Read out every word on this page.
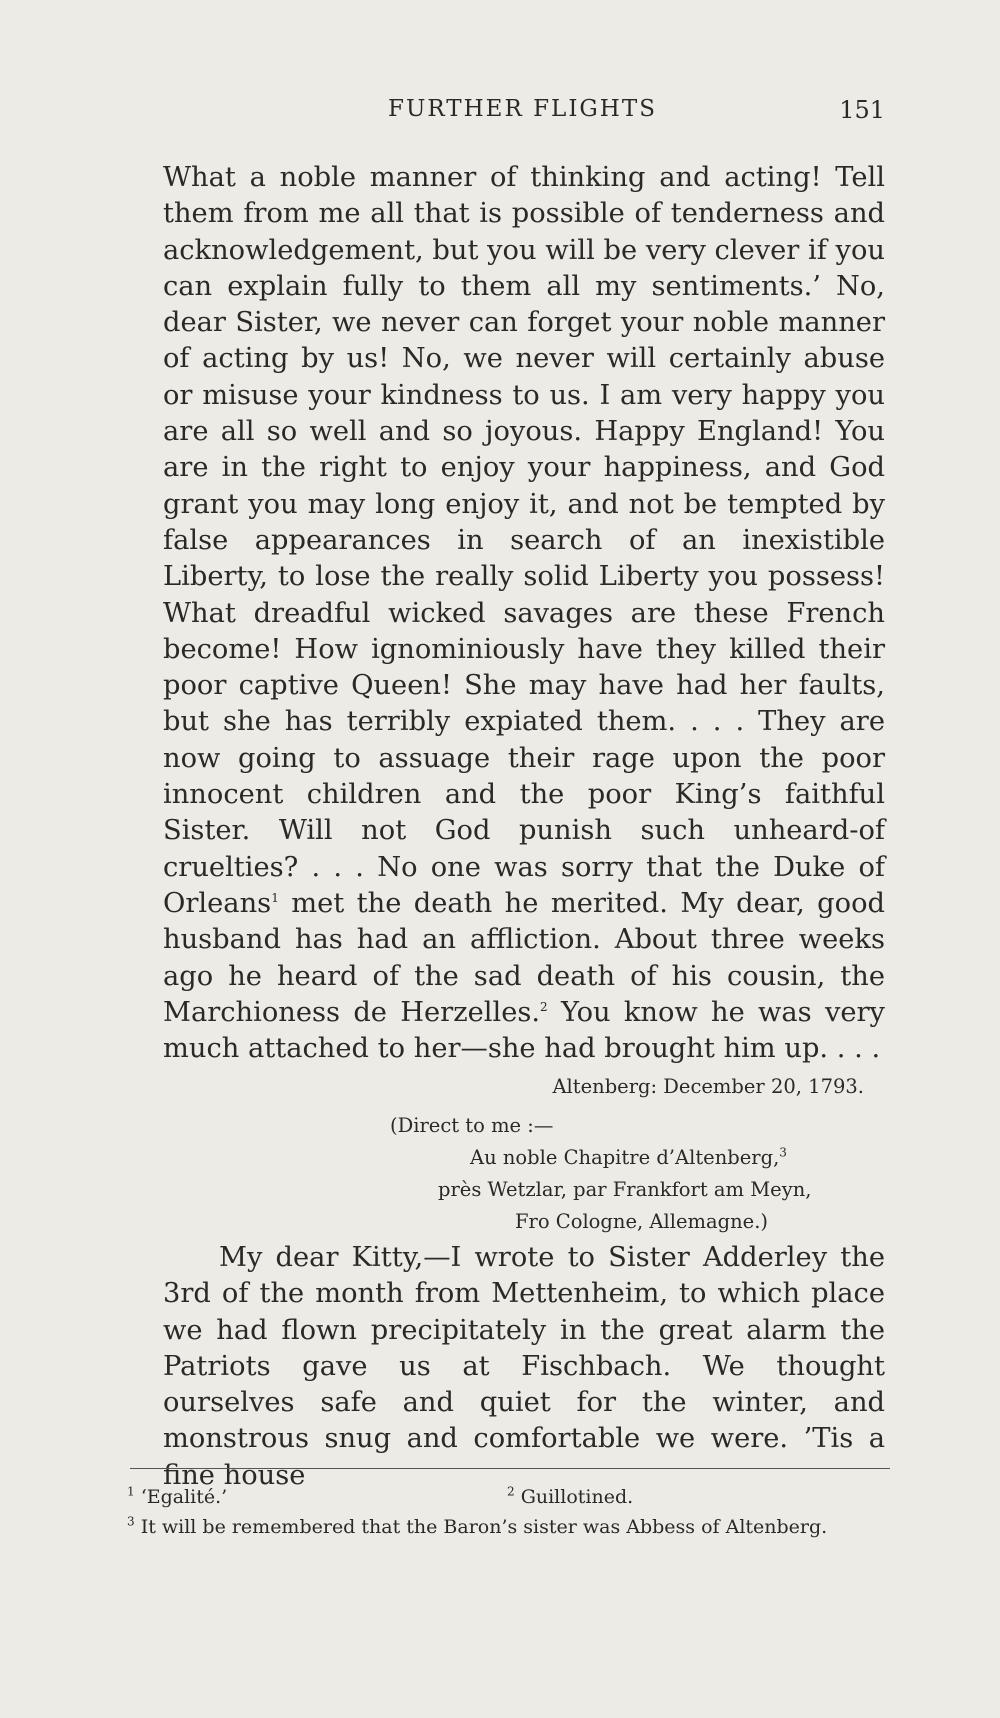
FURTHER FLIGHTS	151

What a noble manner of thinking and acting! Tell them from me all that is possible of tenderness and acknowledgement, but you will be very clever if you can explain fully to them all my sentiments.’ No, dear Sister, we never can forget your noble manner of acting by us! No, we never will certainly abuse or misuse your kindness to us. I am very happy you are all so well and so joyous. Happy England! You are in the right to enjoy your happiness, and God grant you may long enjoy it, and not be tempted by false appearances in search of an inexistible Liberty, to lose the really solid Liberty you possess! What dreadful wicked savages are these French become! How ignominiously have they killed their poor captive Queen! She may have had her faults, but she has terribly expiated them. . . . They are now going to assuage their rage upon the poor innocent children and the poor King’s faithful Sister. Will not God punish such unheard-of cruelties? . . . No one was sorry that the Duke of Orleans$^1$ met the death he merited. My dear, good husband has had an affliction. About three weeks ago he heard of the sad death of his cousin, the Marchioness de Herzelles.$^2$ You know he was very much attached to her—she had brought him up. . . .

Altenberg: December 20, 1793.
(Direct to me :—
Au noble Chapitre d’Altenberg,$^3$
près Wetzlar, par Frankfort am Meyn,
Fro Cologne, Allemagne.)

My dear Kitty,—I wrote to Sister Adderley the 3rd of the month from Mettenheim, to which place we had flown precipitately in the great alarm the Patriots gave us at Fischbach. We thought ourselves safe and quiet for the winter, and monstrous snug and comfortable we were. ’Tis a fine house

$^1$ ‘Egalité.’	$^2$ Guillotined.
$^3$ It will be remembered that the Baron’s sister was Abbess of Altenberg.
